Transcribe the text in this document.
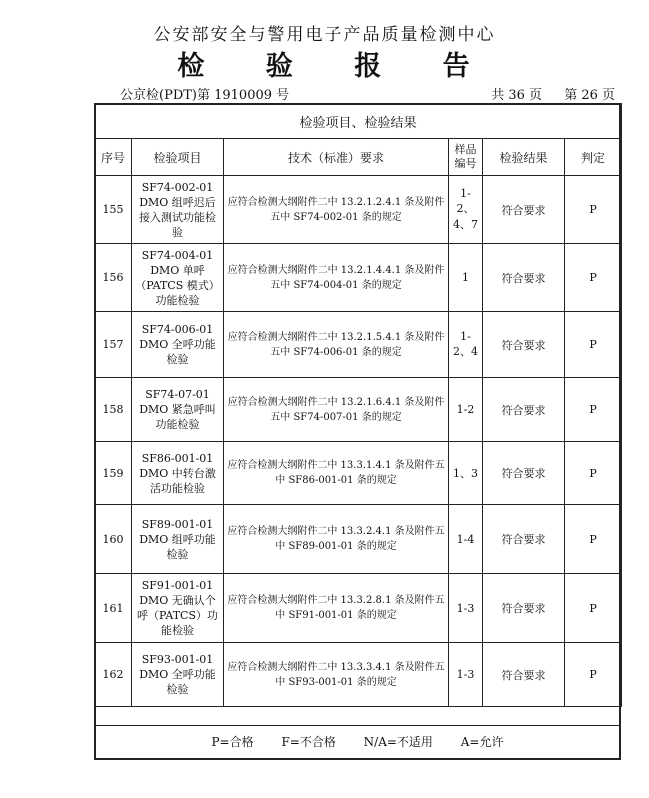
公安部安全与警用电子产品质量检测中心
检 验 报 告
公京检(PDT)第 1910009 号	共 36 页 第 26 页
检验项目、检验结果					
序号	检验项目	技术（标准）要求	样品编号	检验结果	判定
155	SF74-002-01 DMO 组呼迟后接入测试功能检验	应符合检测大纲附件二中 13.2.1.2.4.1 条及附件五中 SF74-002-01 条的规定	1-2、4、7	符合要求	P
156	SF74-004-01 DMO 单呼（PATCS 模式）功能检验	应符合检测大纲附件二中 13.2.1.4.4.1 条及附件五中 SF74-004-01 条的规定	1	符合要求	P
157	SF74-006-01 DMO 全呼功能检验	应符合检测大纲附件二中 13.2.1.5.4.1 条及附件五中 SF74-006-01 条的规定	1-2、4	符合要求	P
158	SF74-07-01 DMO 紧急呼叫功能检验	应符合检测大纲附件二中 13.2.1.6.4.1 条及附件五中 SF74-007-01 条的规定	1-2	符合要求	P
159	SF86-001-01 DMO 中转台激活功能检验	应符合检测大纲附件二中 13.3.1.4.1 条及附件五中 SF86-001-01 条的规定	1、3	符合要求	P
160	SF89-001-01 DMO 组呼功能检验	应符合检测大纲附件二中 13.3.2.4.1 条及附件五中 SF89-001-01 条的规定	1-4	符合要求	P
161	SF91-001-01 DMO 无确认个呼（PATCS）功能检验	应符合检测大纲附件二中 13.3.2.8.1 条及附件五中 SF91-001-01 条的规定	1-3	符合要求	P
162	SF93-001-01 DMO 全呼功能检验	应符合检测大纲附件二中 13.3.3.4.1 条及附件五中 SF93-001-01 条的规定	1-3	符合要求	P
P=合格 F=不合格 N/A=不适用 A=允许
